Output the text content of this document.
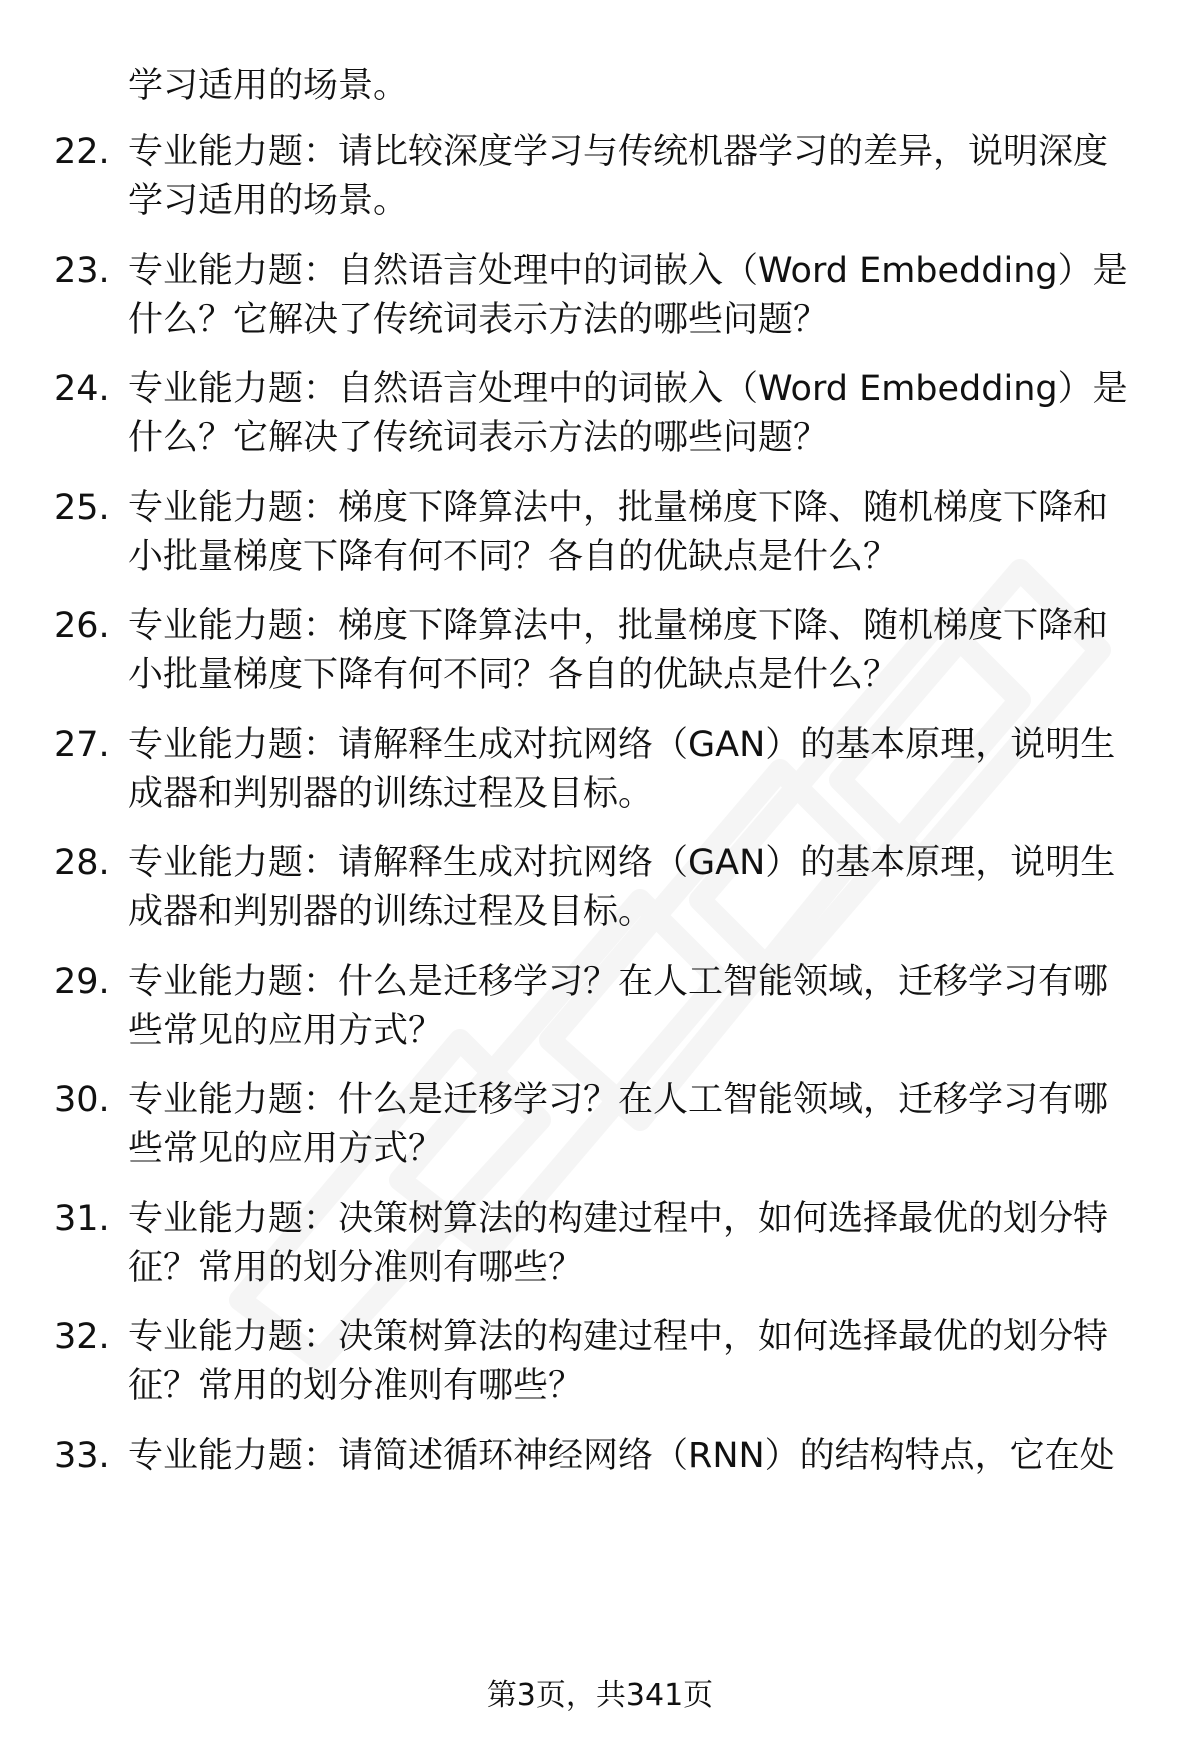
学习适用的场景。
22. 专业能力题：请比较深度学习与传统机器学习的差异，说明深度
学习适用的场景。
23. 专业能力题：自然语言处理中的词嵌入（Word Embedding）是
什么？它解决了传统词表示方法的哪些问题？
24. 专业能力题：自然语言处理中的词嵌入（Word Embedding）是
什么？它解决了传统词表示方法的哪些问题？
25. 专业能力题：梯度下降算法中，批量梯度下降、随机梯度下降和
小批量梯度下降有何不同？各自的优缺点是什么？
26. 专业能力题：梯度下降算法中，批量梯度下降、随机梯度下降和
小批量梯度下降有何不同？各自的优缺点是什么？
27. 专业能力题：请解释生成对抗网络（GAN）的基本原理，说明生
成器和判别器的训练过程及目标。
28. 专业能力题：请解释生成对抗网络（GAN）的基本原理，说明生
成器和判别器的训练过程及目标。
29. 专业能力题：什么是迁移学习？在人工智能领域，迁移学习有哪
些常见的应用方式？
30. 专业能力题：什么是迁移学习？在人工智能领域，迁移学习有哪
些常见的应用方式？
31. 专业能力题：决策树算法的构建过程中，如何选择最优的划分特
征？常用的划分准则有哪些？
32. 专业能力题：决策树算法的构建过程中，如何选择最优的划分特
征？常用的划分准则有哪些？
33. 专业能力题：请简述循环神经网络（RNN）的结构特点，它在处
第3页，共341页
